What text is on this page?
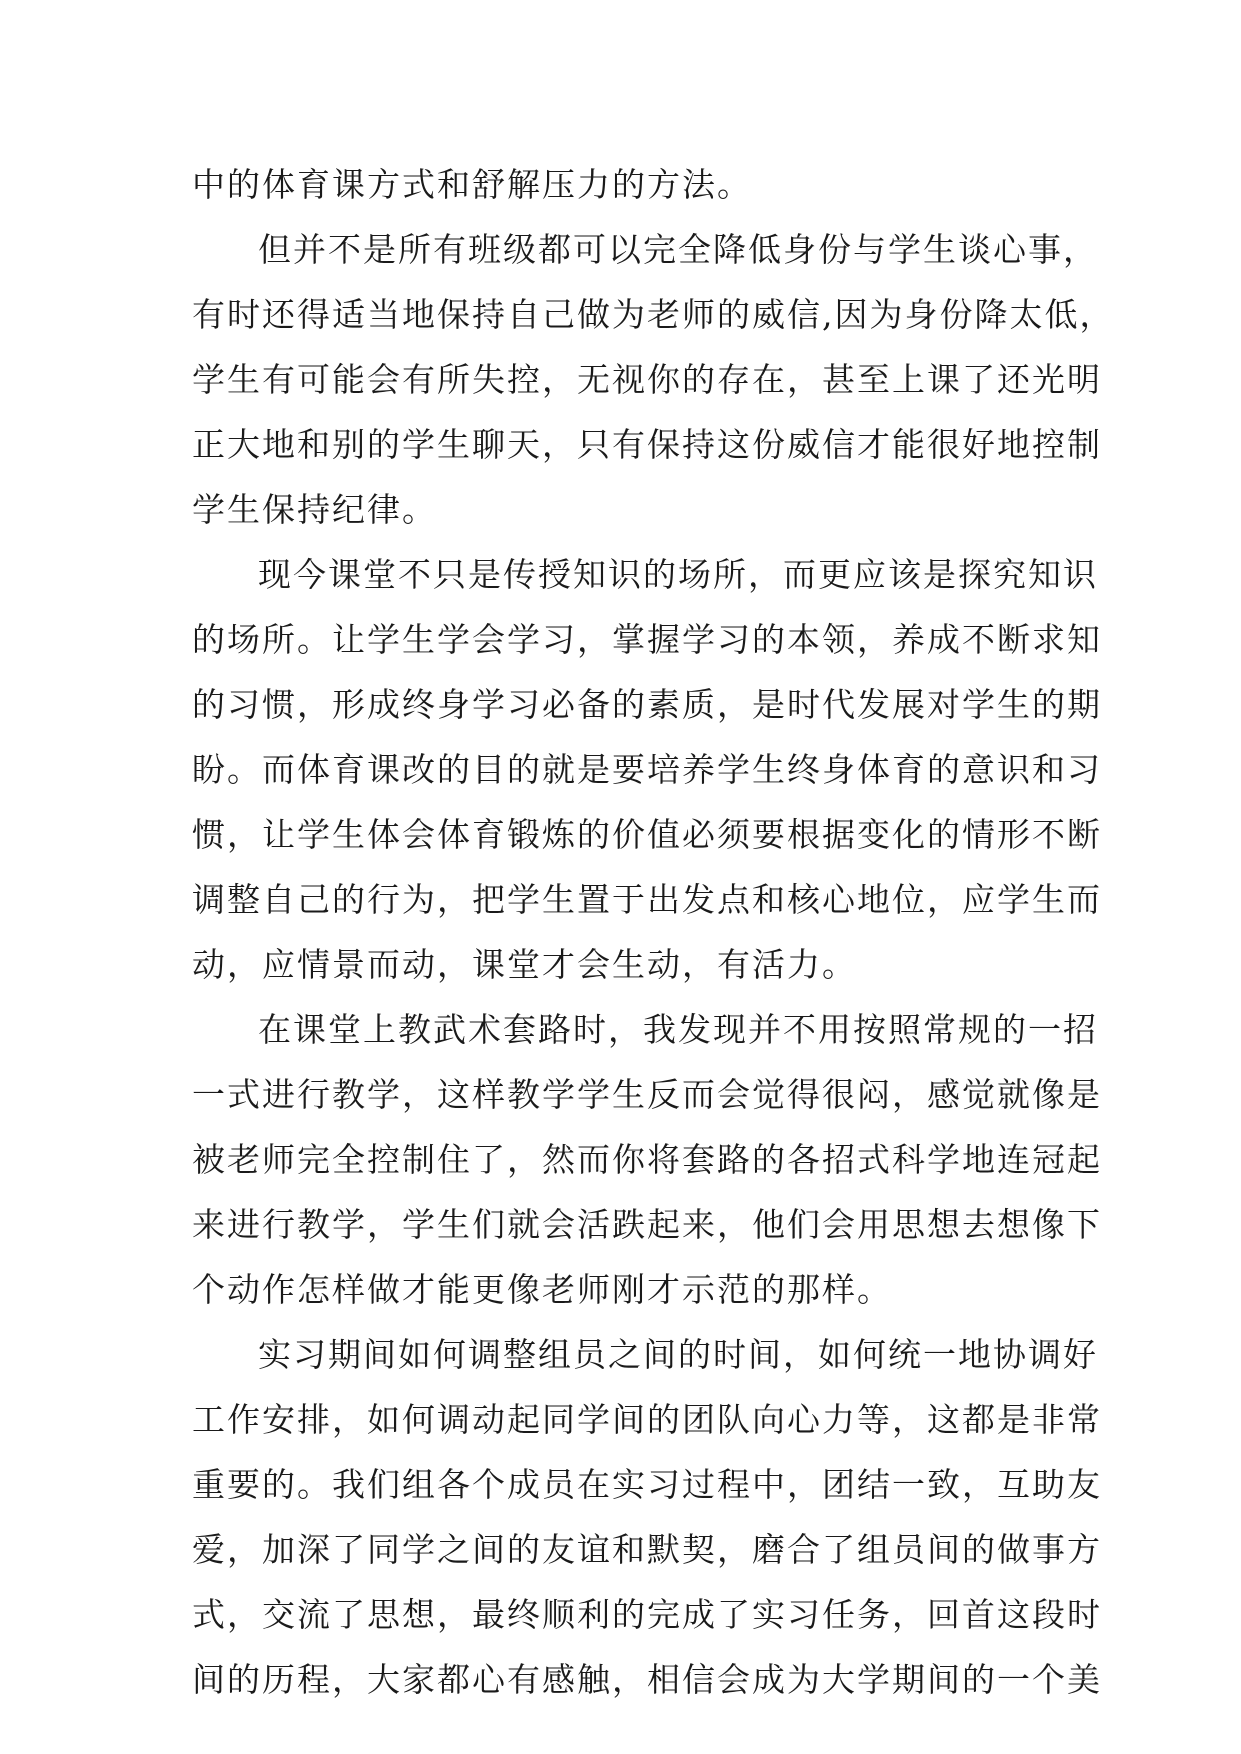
中的体育课方式和舒解压力的方法。
但并不是所有班级都可以完全降低身份与学生谈心事，
有时还得适当地保持自己做为老师的威信,因为身份降太低，
学生有可能会有所失控，无视你的存在，甚至上课了还光明
正大地和别的学生聊天，只有保持这份威信才能很好地控制
学生保持纪律。
现今课堂不只是传授知识的场所，而更应该是探究知识
的场所。让学生学会学习，掌握学习的本领，养成不断求知
的习惯，形成终身学习必备的素质，是时代发展对学生的期
盼。而体育课改的目的就是要培养学生终身体育的意识和习
惯，让学生体会体育锻炼的价值必须要根据变化的情形不断
调整自己的行为，把学生置于出发点和核心地位，应学生而
动，应情景而动，课堂才会生动，有活力。
在课堂上教武术套路时，我发现并不用按照常规的一招
一式进行教学，这样教学学生反而会觉得很闷，感觉就像是
被老师完全控制住了，然而你将套路的各招式科学地连冠起
来进行教学，学生们就会活跌起来，他们会用思想去想像下
个动作怎样做才能更像老师刚才示范的那样。
实习期间如何调整组员之间的时间，如何统一地协调好
工作安排，如何调动起同学间的团队向心力等，这都是非常
重要的。我们组各个成员在实习过程中，团结一致，互助友
爱，加深了同学之间的友谊和默契，磨合了组员间的做事方
式，交流了思想，最终顺利的完成了实习任务，回首这段时
间的历程，大家都心有感触，相信会成为大学期间的一个美
